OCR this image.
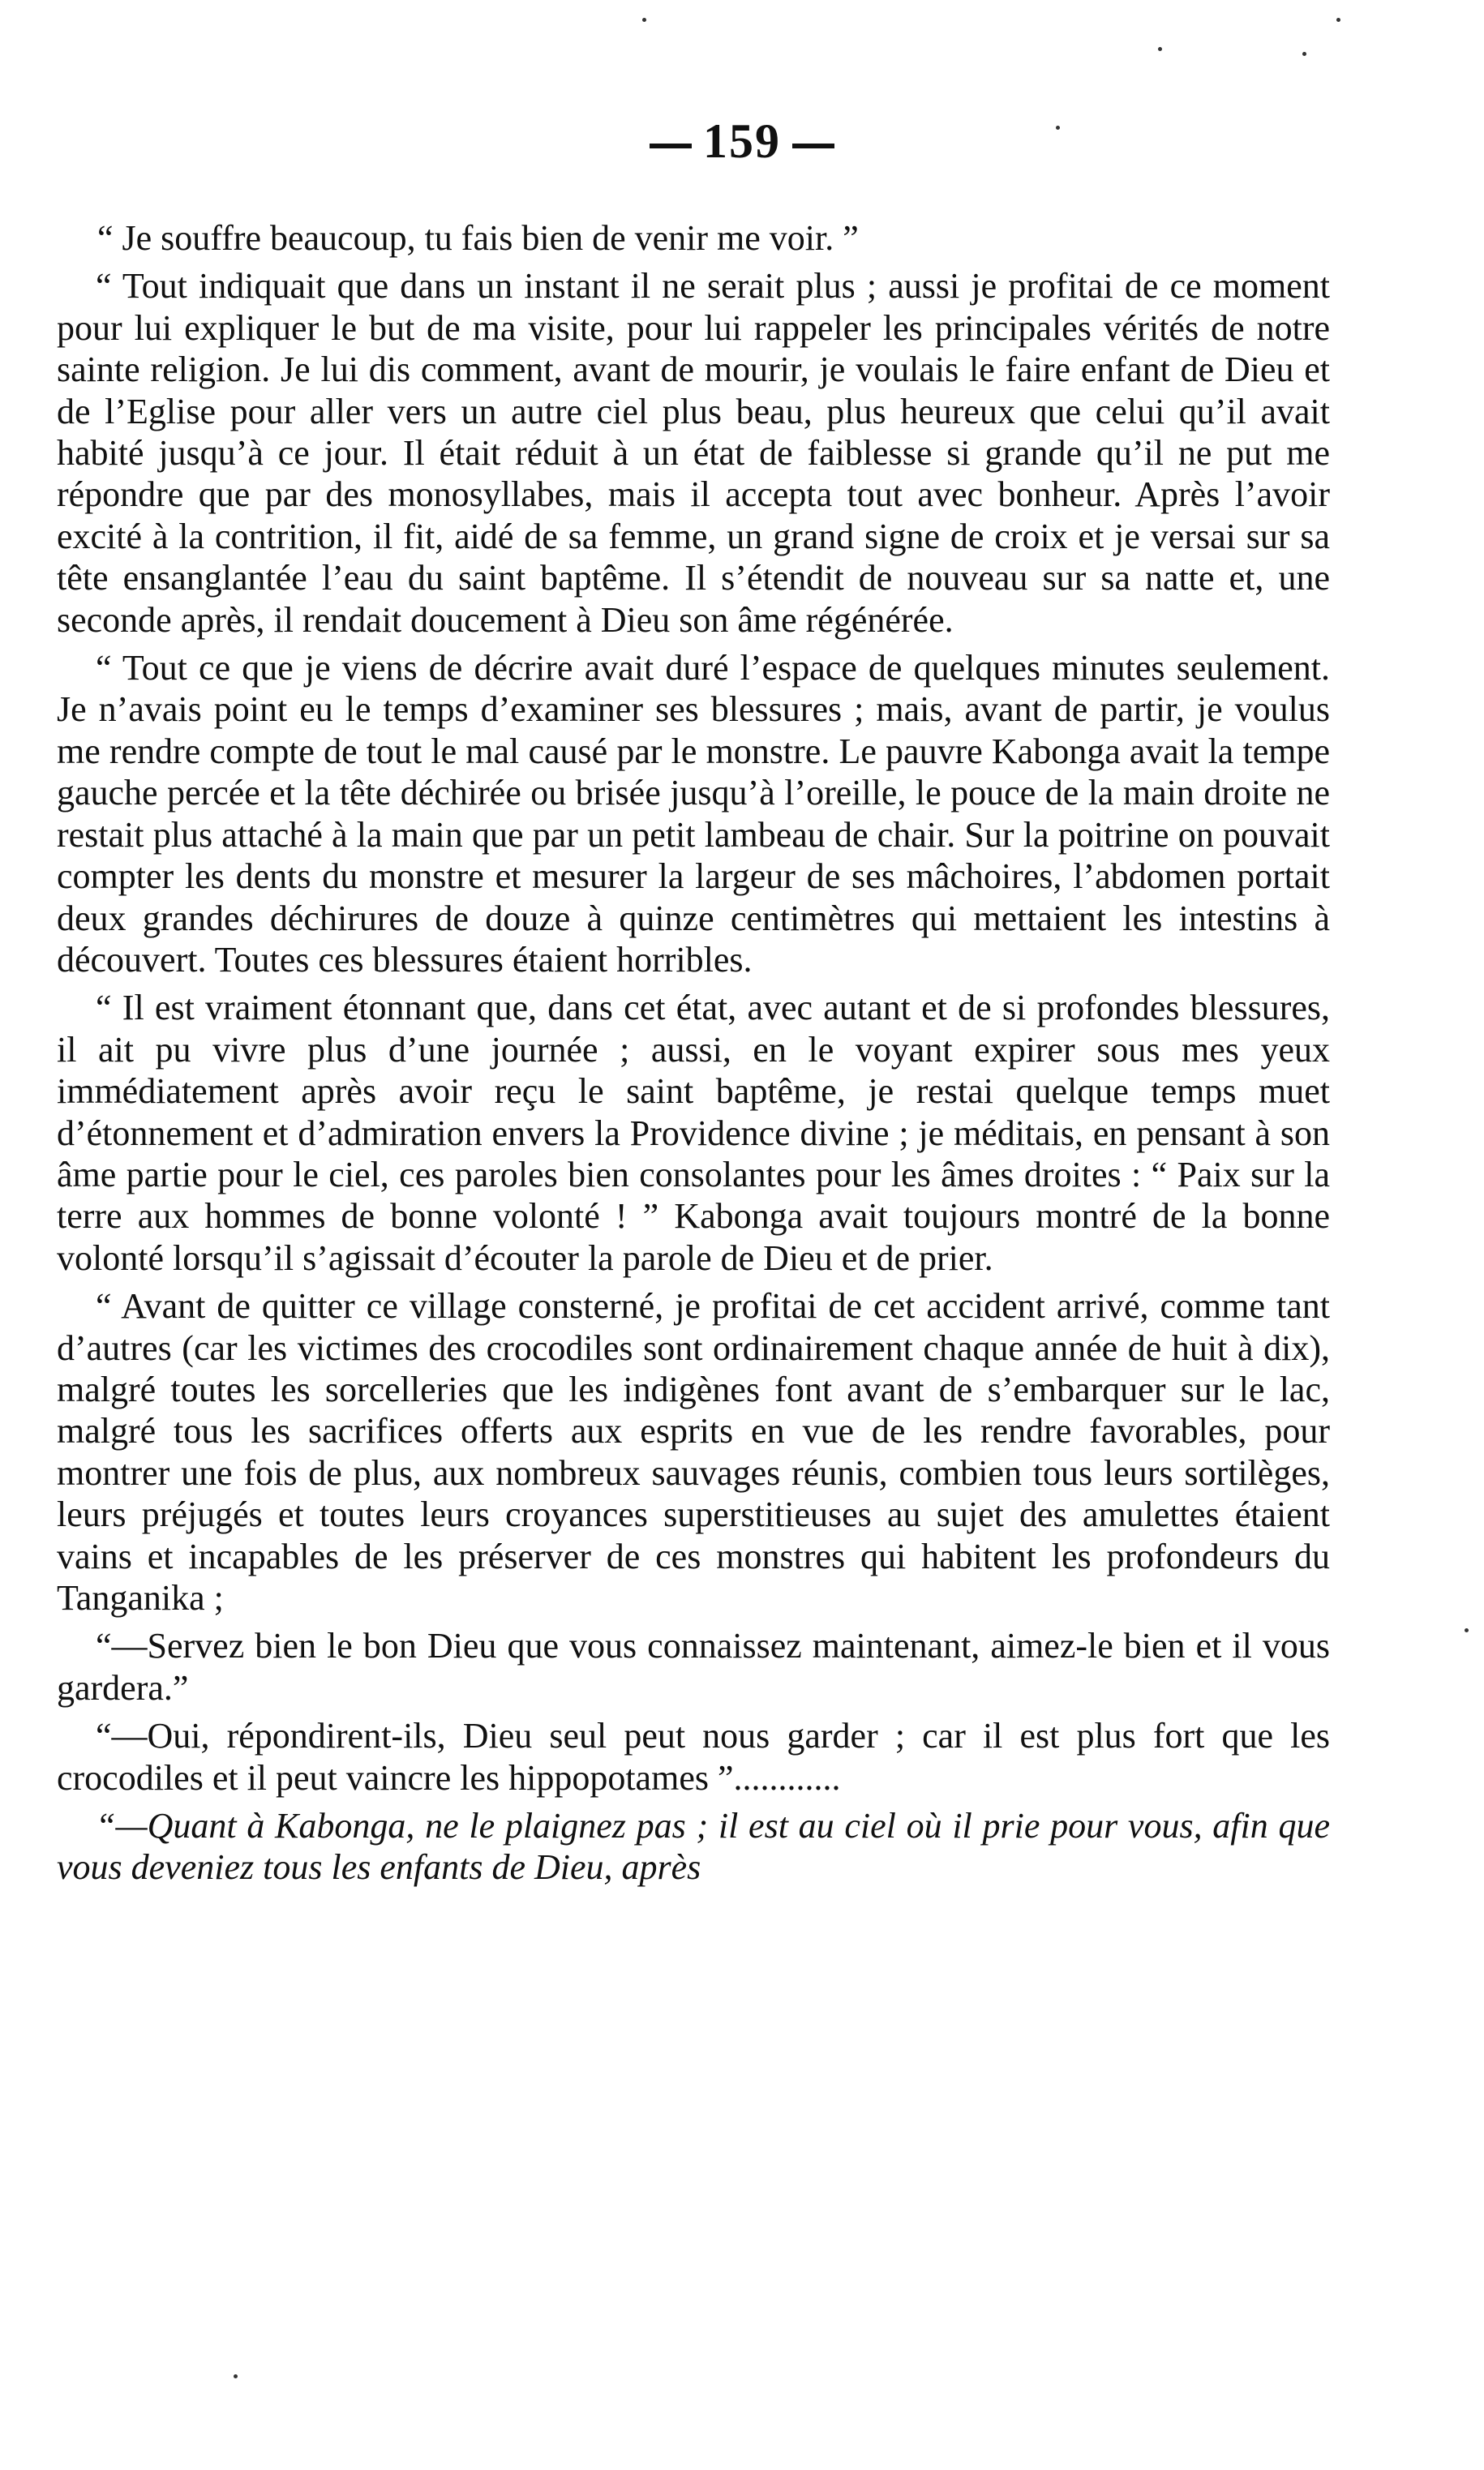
159

“ Je souffre beaucoup, tu fais bien de venir me voir. ”

“ Tout indiquait que dans un instant il ne serait plus ; aussi je profitai de ce moment pour lui expliquer le but de ma visite, pour lui rappeler les principales vérités de notre sainte religion. Je lui dis comment, avant de mourir, je voulais le faire enfant de Dieu et de l’Eglise pour aller vers un autre ciel plus beau, plus heureux que celui qu’il avait habité jusqu’à ce jour. Il était réduit à un état de faiblesse si grande qu’il ne put me répondre que par des monosyllabes, mais il accepta tout avec bonheur. Après l’avoir excité à la contrition, il fit, aidé de sa femme, un grand signe de croix et je versai sur sa tête ensanglantée l’eau du saint baptême. Il s’étendit de nouveau sur sa natte et, une seconde après, il rendait doucement à Dieu son âme régénérée.

“ Tout ce que je viens de décrire avait duré l’espace de quelques minutes seulement. Je n’avais point eu le temps d’examiner ses blessures ; mais, avant de partir, je voulus me rendre compte de tout le mal causé par le monstre. Le pauvre Kabonga avait la tempe gauche percée et la tête déchirée ou brisée jusqu’à l’oreille, le pouce de la main droite ne restait plus attaché à la main que par un petit lambeau de chair. Sur la poitrine on pouvait compter les dents du monstre et mesurer la largeur de ses mâchoires, l’abdomen portait deux grandes déchirures de douze à quinze centimètres qui mettaient les intestins à découvert. Toutes ces blessures étaient horribles.

“ Il est vraiment étonnant que, dans cet état, avec autant et de si profondes blessures, il ait pu vivre plus d’une journée ; aussi, en le voyant expirer sous mes yeux immédiatement après avoir reçu le saint baptême, je restai quelque temps muet d’étonnement et d’admiration envers la Providence divine ; je méditais, en pensant à son âme partie pour le ciel, ces paroles bien consolantes pour les âmes droites : “ Paix sur la terre aux hommes de bonne volonté ! ” Kabonga avait toujours montré de la bonne volonté lorsqu’il s’agissait d’écouter la parole de Dieu et de prier.

“ Avant de quitter ce village consterné, je profitai de cet accident arrivé, comme tant d’autres (car les victimes des crocodiles sont ordinairement chaque année de huit à dix), malgré toutes les sorcelleries que les indigènes font avant de s’embarquer sur le lac, malgré tous les sacrifices offerts aux esprits en vue de les rendre favorables, pour montrer une fois de plus, aux nombreux sauvages réunis, combien tous leurs sortilèges, leurs préjugés et toutes leurs croyances superstitieuses au sujet des amulettes étaient vains et incapables de les préserver de ces monstres qui habitent les profondeurs du Tanganika ;

“—Servez bien le bon Dieu que vous connaissez maintenant, aimez-le bien et il vous gardera.”

“—Oui, répondirent-ils, Dieu seul peut nous garder ; car il est plus fort que les crocodiles et il peut vaincre les hippopotames ”............

“—Quant à Kabonga, ne le plaignez pas ; il est au ciel où il prie pour vous, afin que vous deveniez tous les enfants de Dieu, après
